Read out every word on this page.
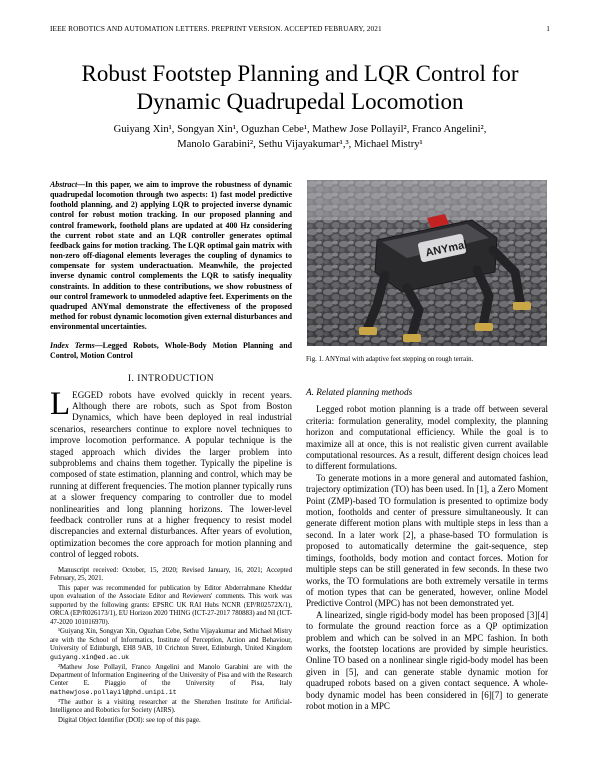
IEEE ROBOTICS AND AUTOMATION LETTERS. PREPRINT VERSION. ACCEPTED FEBRUARY, 2021	1
Robust Footstep Planning and LQR Control for
Dynamic Quadrupedal Locomotion
Guiyang Xin¹, Songyan Xin¹, Oguzhan Cebe¹, Mathew Jose Pollayil², Franco Angelini²,
Manolo Garabini², Sethu Vijayakumar¹,³, Michael Mistry¹
Abstract—In this paper, we aim to improve the robustness of dynamic quadrupedal locomotion through two aspects: 1) fast model predictive foothold planning, and 2) applying LQR to projected inverse dynamic control for robust motion tracking. In our proposed planning and control framework, foothold plans are updated at 400 Hz considering the current robot state and an LQR controller generates optimal feedback gains for motion tracking. The LQR optimal gain matrix with non-zero off-diagonal elements leverages the coupling of dynamics to compensate for system underactuation. Meanwhile, the projected inverse dynamic control complements the LQR to satisfy inequality constraints. In addition to these contributions, we show robustness of our control framework to unmodeled adaptive feet. Experiments on the quadruped ANYmal demonstrate the effectiveness of the proposed method for robust dynamic locomotion given external disturbances and environmental uncertainties.
Index Terms—Legged Robots, Whole-Body Motion Planning and Control, Motion Control
I. INTRODUCTION

LEGGED robots have evolved quickly in recent years. Although there are robots, such as Spot from Boston Dynamics, which have been deployed in real industrial scenarios, researchers continue to explore novel techniques to improve locomotion performance. A popular technique is the staged approach which divides the larger problem into subproblems and chains them together. Typically the pipeline is composed of state estimation, planning and control, which may be running at different frequencies. The motion planner typically runs at a slower frequency comparing to controller due to model nonlinearities and long planning horizons. The lower-level feedback controller runs at a higher frequency to resist model discrepancies and external disturbances. After years of evolution, optimization becomes the core approach for motion planning and control of legged robots.

Manuscript received: October, 15, 2020; Revised January, 16, 2021; Accepted February, 25, 2021.

This paper was recommended for publication by Editor Abderrahmane Kheddar upon evaluation of the Associate Editor and Reviewers' comments. This work was supported by the following grants: EPSRC UK RAI Hubs NCNR (EP/R02572X/1), ORCA (EP/R026173/1), EU Horizon 2020 THING (ICT-27-2017 780883) and NI (ICT-47-2020 101016970).

¹Guiyang Xin, Songyan Xin, Oguzhan Cebe, Sethu Vijayakumar and Michael Mistry are with the School of Informatics, Institute of Perception, Action and Behaviour, University of Edinburgh, EH8 9AB, 10 Crichton Street, Edinburgh, United Kingdom guiyang.xin@ed.ac.uk

²Mathew Jose Pollayil, Franco Angelini and Manolo Garabini are with the Department of Information Engineering of the University of Pisa and with the Research Center E. Piaggio of the University of Pisa, Italy mathewjose.pollayil@phd.unipi.it

³The author is a visiting researcher at the Shenzhen Institute for Artificial-Intelligence and Robotics for Society (AIRS).

Digital Object Identifier (DOI): see top of this page.

ANYmal
Fig. 1. ANYmal with adaptive feet stepping on rough terrain.
A. Related planning methods

Legged robot motion planning is a trade off between several criteria: formulation generality, model complexity, the planning horizon and computational efficiency. While the goal is to maximize all at once, this is not realistic given current available computational resources. As a result, different design choices lead to different formulations.

To generate motions in a more general and automated fashion, trajectory optimization (TO) has been used. In [1], a Zero Moment Point (ZMP)-based TO formulation is presented to optimize body motion, footholds and center of pressure simultaneously. It can generate different motion plans with multiple steps in less than a second. In a later work [2], a phase-based TO formulation is proposed to automatically determine the gait-sequence, step timings, footholds, body motion and contact forces. Motion for multiple steps can be still generated in few seconds. In these two works, the TO formulations are both extremely versatile in terms of motion types that can be generated, however, online Model Predictive Control (MPC) has not been demonstrated yet.

A linearized, single rigid-body model has been proposed [3][4] to formulate the ground reaction force as a QP optimization problem and which can be solved in an MPC fashion. In both works, the footstep locations are provided by simple heuristics. Online TO based on a nonlinear single rigid-body model has been given in [5], and can generate stable dynamic motion for quadruped robots based on a given contact sequence. A whole-body dynamic model has been considered in [6][7] to generate robot motion in a MPC
